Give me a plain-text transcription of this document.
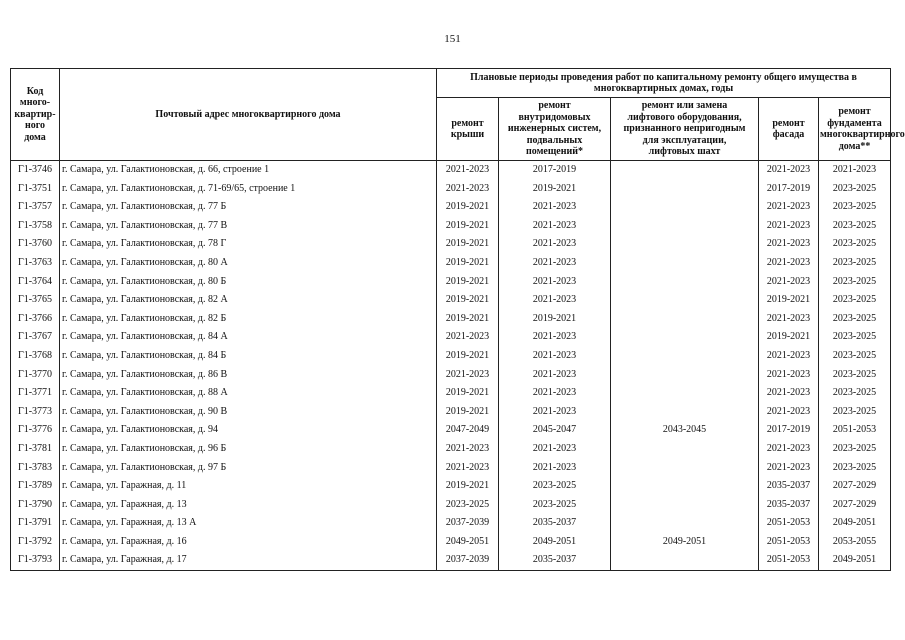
151
Код
много-
квартир-
ного
дома	Почтовый адрес многоквартирного дома	Плановые периоды проведения работ по капитальному ремонту общего имущества в
многоквартирных домах, годы				
		ремонт
крыши	ремонт
внутридомовых
инженерных систем,
подвальных
помещений*	ремонт или замена
лифтового оборудования,
признанного непригодным
для эксплуатации,
лифтовых шахт	ремонт
фасада	ремонт
фундамента
многоквартирного
дома**
Г1-3746	г. Самара, ул. Галактионовская, д. 66, строение 1	2021-2023	2017-2019		2021-2023	2021-2023
Г1-3751	г. Самара, ул. Галактионовская, д. 71-69/65, строение 1	2021-2023	2019-2021		2017-2019	2023-2025
Г1-3757	г. Самара, ул. Галактионовская, д. 77 Б	2019-2021	2021-2023		2021-2023	2023-2025
Г1-3758	г. Самара, ул. Галактионовская, д. 77 В	2019-2021	2021-2023		2021-2023	2023-2025
Г1-3760	г. Самара, ул. Галактионовская, д. 78 Г	2019-2021	2021-2023		2021-2023	2023-2025
Г1-3763	г. Самара, ул. Галактионовская, д. 80 А	2019-2021	2021-2023		2021-2023	2023-2025
Г1-3764	г. Самара, ул. Галактионовская, д. 80 Б	2019-2021	2021-2023		2021-2023	2023-2025
Г1-3765	г. Самара, ул. Галактионовская, д. 82 А	2019-2021	2021-2023		2019-2021	2023-2025
Г1-3766	г. Самара, ул. Галактионовская, д. 82 Б	2019-2021	2019-2021		2021-2023	2023-2025
Г1-3767	г. Самара, ул. Галактионовская, д. 84 А	2021-2023	2021-2023		2019-2021	2023-2025
Г1-3768	г. Самара, ул. Галактионовская, д. 84 Б	2019-2021	2021-2023		2021-2023	2023-2025
Г1-3770	г. Самара, ул. Галактионовская, д. 86 В	2021-2023	2021-2023		2021-2023	2023-2025
Г1-3771	г. Самара, ул. Галактионовская, д. 88 А	2019-2021	2021-2023		2021-2023	2023-2025
Г1-3773	г. Самара, ул. Галактионовская, д. 90 В	2019-2021	2021-2023		2021-2023	2023-2025
Г1-3776	г. Самара, ул. Галактионовская, д. 94	2047-2049	2045-2047	2043-2045	2017-2019	2051-2053
Г1-3781	г. Самара, ул. Галактионовская, д. 96 Б	2021-2023	2021-2023		2021-2023	2023-2025
Г1-3783	г. Самара, ул. Галактионовская, д. 97 Б	2021-2023	2021-2023		2021-2023	2023-2025
Г1-3789	г. Самара, ул. Гаражная, д. 11	2019-2021	2023-2025		2035-2037	2027-2029
Г1-3790	г. Самара, ул. Гаражная, д. 13	2023-2025	2023-2025		2035-2037	2027-2029
Г1-3791	г. Самара, ул. Гаражная, д. 13 А	2037-2039	2035-2037		2051-2053	2049-2051
Г1-3792	г. Самара, ул. Гаражная, д. 16	2049-2051	2049-2051	2049-2051	2051-2053	2053-2055
Г1-3793	г. Самара, ул. Гаражная, д. 17	2037-2039	2035-2037		2051-2053	2049-2051
